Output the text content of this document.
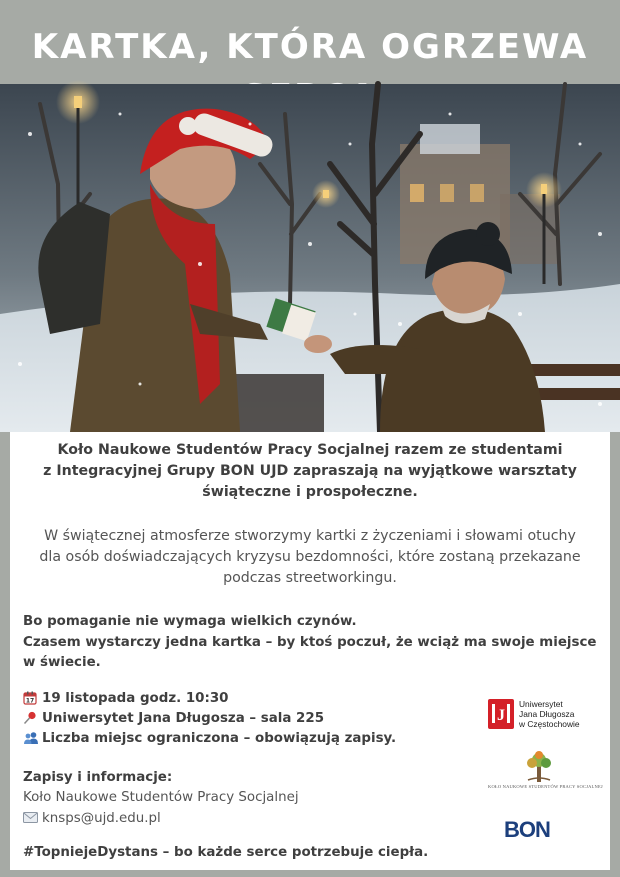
KARTKA, KTÓRA OGRZEWA
Koło Naukowe Studentów Pracy Socjalnej razem ze studentami
z Integracyjnej Grupy BON UJD zapraszają na wyjątkowe warsztaty
świąteczne i prospołeczne.
W świątecznej atmosferze stworzymy kartki z życzeniami i słowami otuchy
dla osób doświadczających kryzysu bezdomności, które zostaną przekazane
podczas streetworkingu.
Bo pomaganie nie wymaga wielkich czynów.
Czasem wystarczy jedna kartka – by ktoś poczuł, że wciąż ma swoje miejsce
w świecie.
17 19 listopada godz. 10:30
Uniwersytet Jana Długosza – sala 225
Liczba miejsc ograniczona – obowiązują zapisy.
Zapisy i informacje:
Koło Naukowe Studentów Pracy Socjalnej
knsps@ujd.edu.pl
#TopniejeDystans – bo każde serce potrzebuje ciepła.
J
Uniwersytet
Jana Długosza
w Częstochowie
KOŁO NAUKOWE STUDENTÓW PRACY SOCJALNEJ
BON
